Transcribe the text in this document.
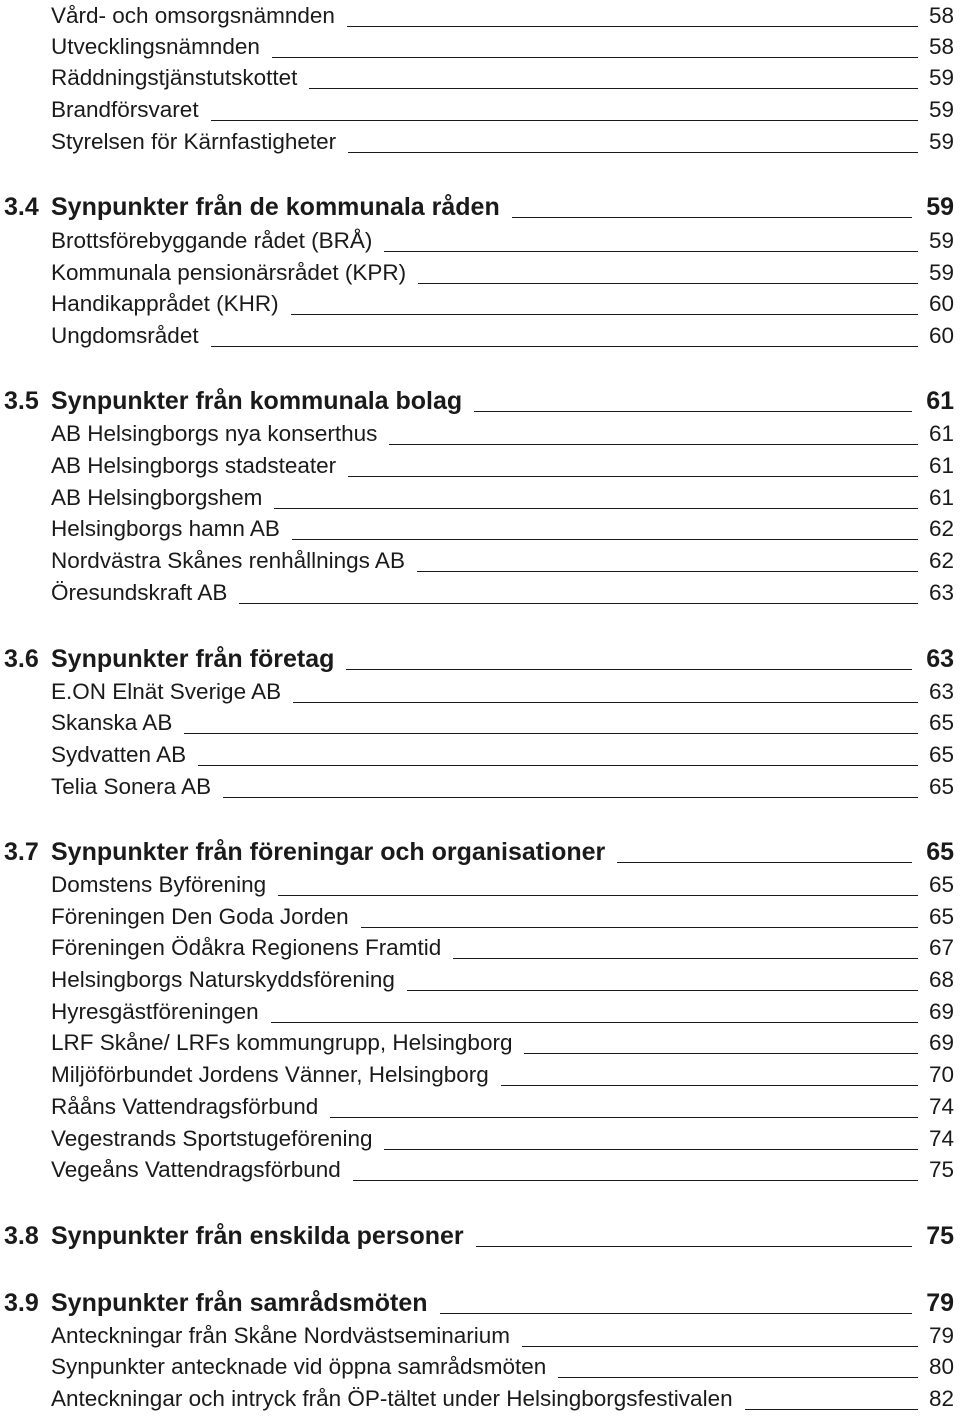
Vård- och omsorgsnämnden	58
Utvecklingsnämnden	58
Räddningstjänstutskottet	59
Brandförsvaret	59
Styrelsen för Kärnfastigheter	59
3.4 Synpunkter från de kommunala råden	59
Brottsförebyggande rådet (BRÅ)	59
Kommunala pensionärsrådet (KPR)	59
Handikapprådet (KHR)	60
Ungdomsrådet	60
3.5 Synpunkter från kommunala bolag	61
AB Helsingborgs nya konserthus	61
AB Helsingborgs stadsteater	61
AB Helsingborgshem	61
Helsingborgs hamn AB	62
Nordvästra Skånes renhållnings AB	62
Öresundskraft AB	63
3.6 Synpunkter från företag	63
E.ON Elnät Sverige AB	63
Skanska AB	65
Sydvatten AB	65
Telia Sonera AB	65
3.7 Synpunkter från föreningar och organisationer	65
Domstens Byförening	65
Föreningen Den Goda Jorden	65
Föreningen Ödåkra Regionens Framtid	67
Helsingborgs Naturskyddsförening	68
Hyresgästföreningen	69
LRF Skåne/ LRFs kommungrupp, Helsingborg	69
Miljöförbundet Jordens Vänner, Helsingborg	70
Rååns Vattendragsförbund	74
Vegestrands Sportstugeförening	74
Vegeåns Vattendragsförbund	75
3.8 Synpunkter från enskilda personer	75
3.9 Synpunkter från samrådsmöten	79
Anteckningar från Skåne Nordvästseminarium	79
Synpunkter antecknade vid öppna samrådsmöten	80
Anteckningar och intryck från ÖP-tältet under Helsingborgsfestivalen	82
